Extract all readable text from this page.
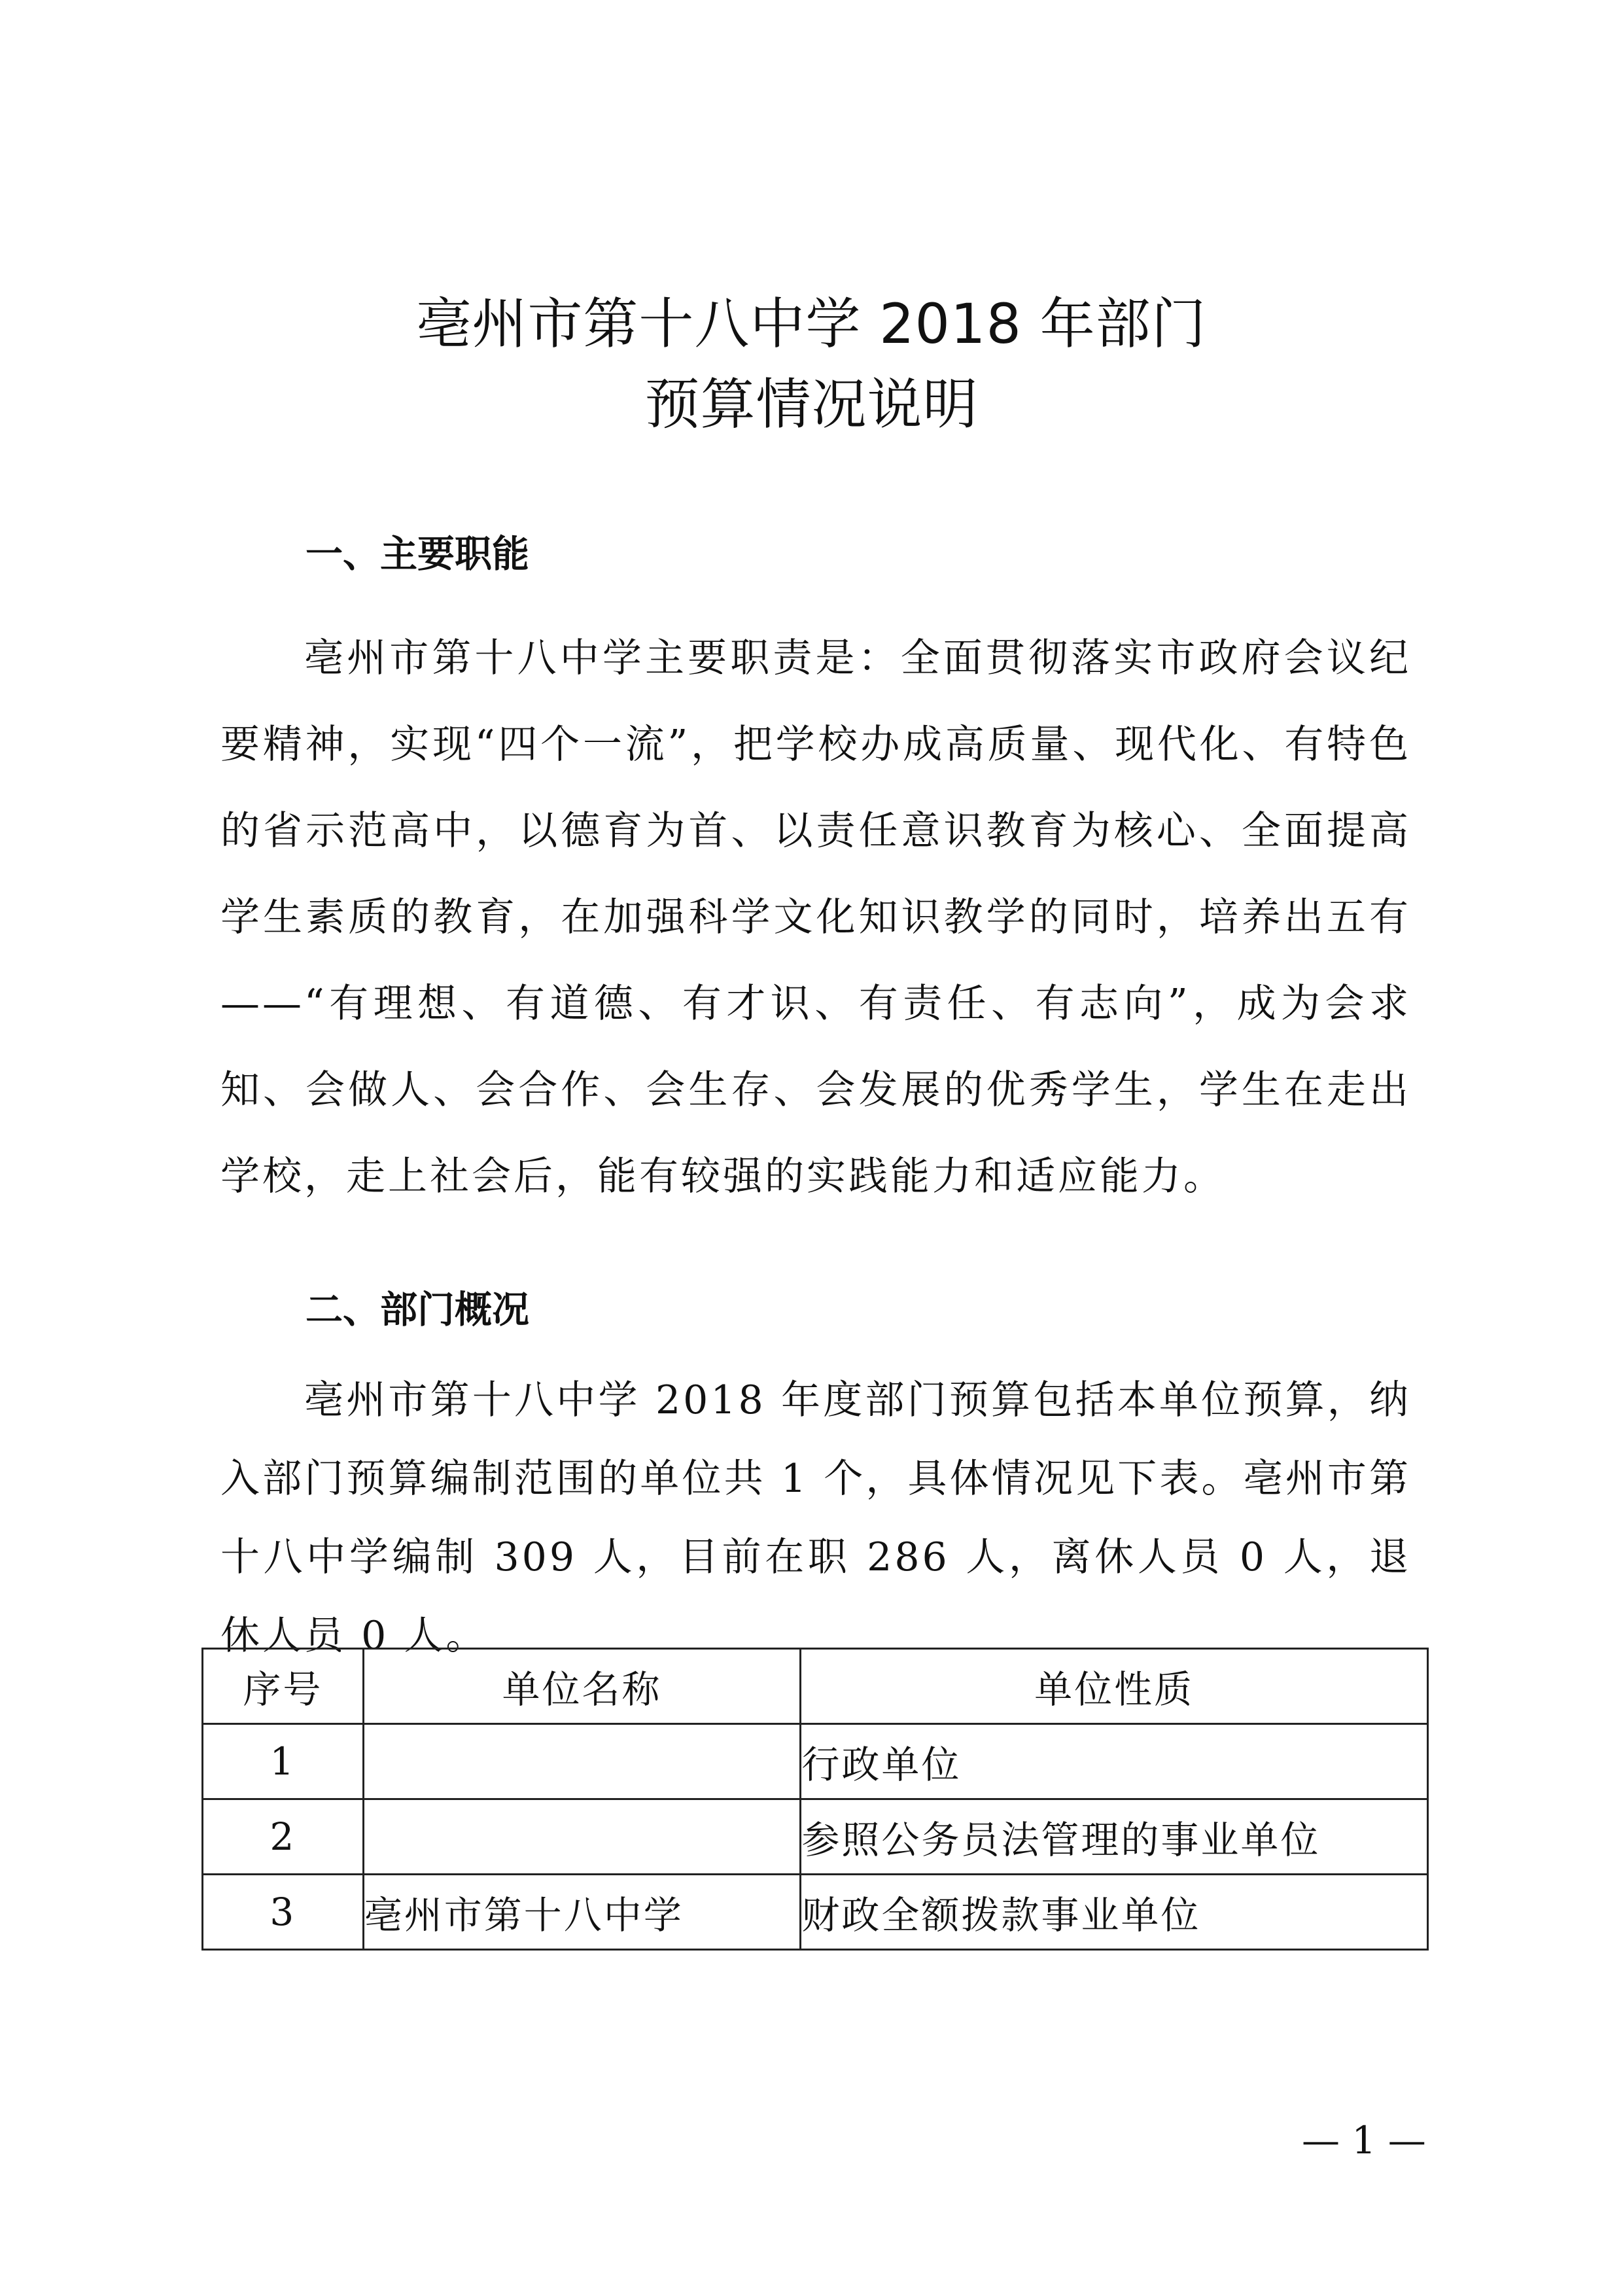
亳州市第十八中学 2018 年部门
预算情况说明
一、主要职能

亳州市第十八中学主要职责是：全面贯彻落实市政府会议纪要精神，实现“四个一流”，把学校办成高质量、现代化、有特色的省示范高中，以德育为首、以责任意识教育为核心、全面提高学生素质的教育，在加强科学文化知识教学的同时，培养出五有——“有理想、有道德、有才识、有责任、有志向”，成为会求知、会做人、会合作、会生存、会发展的优秀学生，学生在走出学校，走上社会后，能有较强的实践能力和适应能力。

二、部门概况

亳州市第十八中学 2018 年度部门预算包括本单位预算，纳入部门预算编制范围的单位共 1 个，具体情况见下表。亳州市第十八中学编制 309 人，目前在职 286 人，离休人员 0 人，退休人员 0 人。

序号	单位名称	单位性质
1		行政单位
2		参照公务员法管理的事业单位
3	亳州市第十八中学	财政全额拨款事业单位

— 1 —
